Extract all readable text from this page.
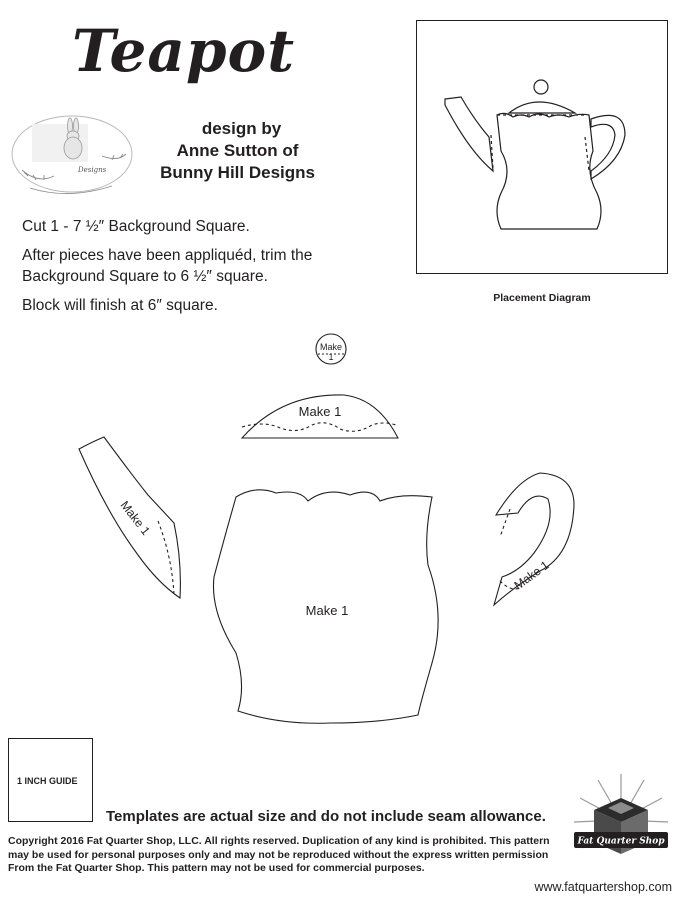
Teapot
Designs
design by
Anne Sutton of
Bunny Hill Designs

Cut 1 - 7 ½″ Background Square.

After pieces have been appliquéd, trim the Background Square to 6 ½″ square.

Block will finish at 6″ square.	Placement Diagram
Make
1
Make 1
Make 1
Make 1
Make 1
1 INCH GUIDE
Templates are actual size and do not include seam allowance.
Copyright 2016 Fat Quarter Shop, LLC. All rights reserved. Duplication of any kind is prohibited. This pattern may be used for personal purposes only and may not be reproduced without the express written permission From the Fat Quarter Shop. This pattern may not be used for commercial purposes.
Fat Quarter Shop
www.fatquartershop.com
